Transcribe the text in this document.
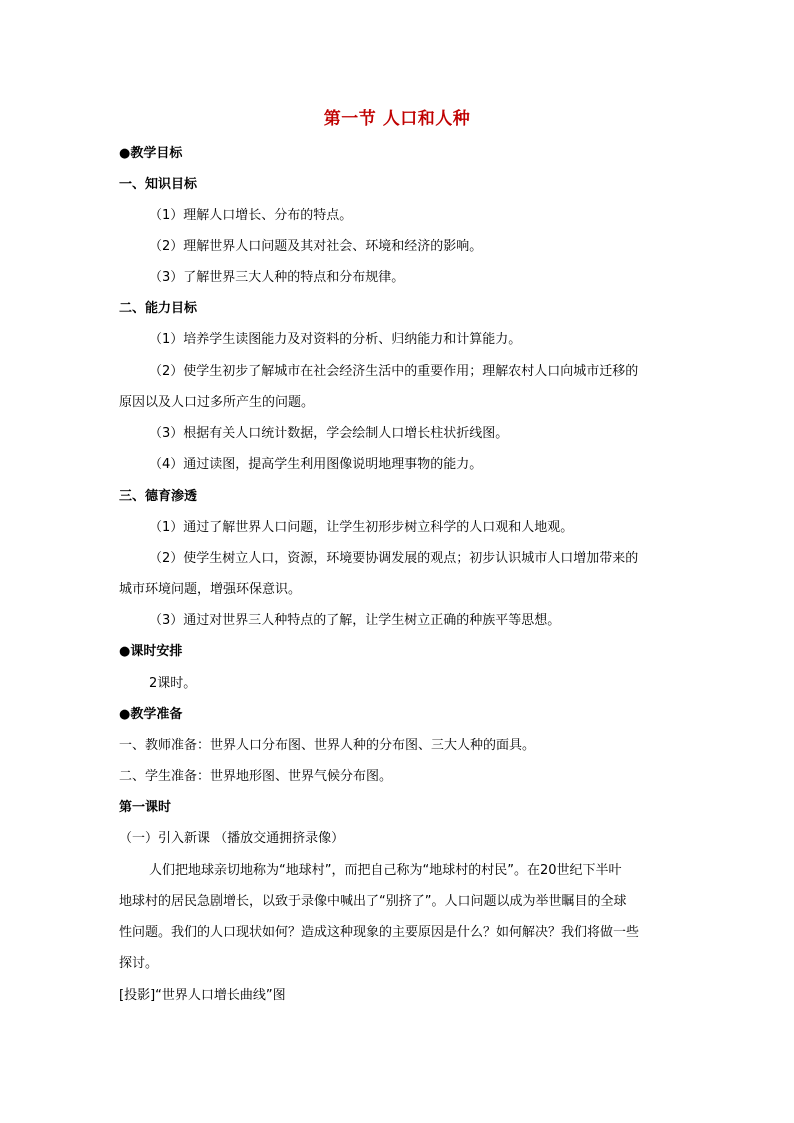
第一节 人口和人种
●教学目标
一、知识目标
（1）理解人口增长、分布的特点。
（2）理解世界人口问题及其对社会、环境和经济的影响。
（3）了解世界三大人种的特点和分布规律。
二、能力目标
（1）培养学生读图能力及对资料的分析、归纳能力和计算能力。
（2）使学生初步了解城市在社会经济生活中的重要作用；理解农村人口向城市迁移的
原因以及人口过多所产生的问题。
（3）根据有关人口统计数据，学会绘制人口增长柱状折线图。
（4）通过读图，提高学生利用图像说明地理事物的能力。
三、德育渗透
（1）通过了解世界人口问题，让学生初形步树立科学的人口观和人地观。
（2）使学生树立人口，资源，环境要协调发展的观点；初步认识城市人口增加带来的
城市环境问题，增强环保意识。
（3）通过对世界三人种特点的了解，让学生树立正确的种族平等思想。
●课时安排
2课时。
●教学准备
一、教师准备：世界人口分布图、世界人种的分布图、三大人种的面具。
二、学生准备：世界地形图、世界气候分布图。
第一课时
（一）引入新课 （播放交通拥挤录像）
人们把地球亲切地称为“地球村”，而把自己称为“地球村的村民”。在20世纪下半叶
地球村的居民急剧增长，以致于录像中喊出了“别挤了”。人口问题以成为举世瞩目的全球
性问题。我们的人口现状如何？造成这种现象的主要原因是什么？如何解决？我们将做一些
探讨。
[投影]“世界人口增长曲线”图
